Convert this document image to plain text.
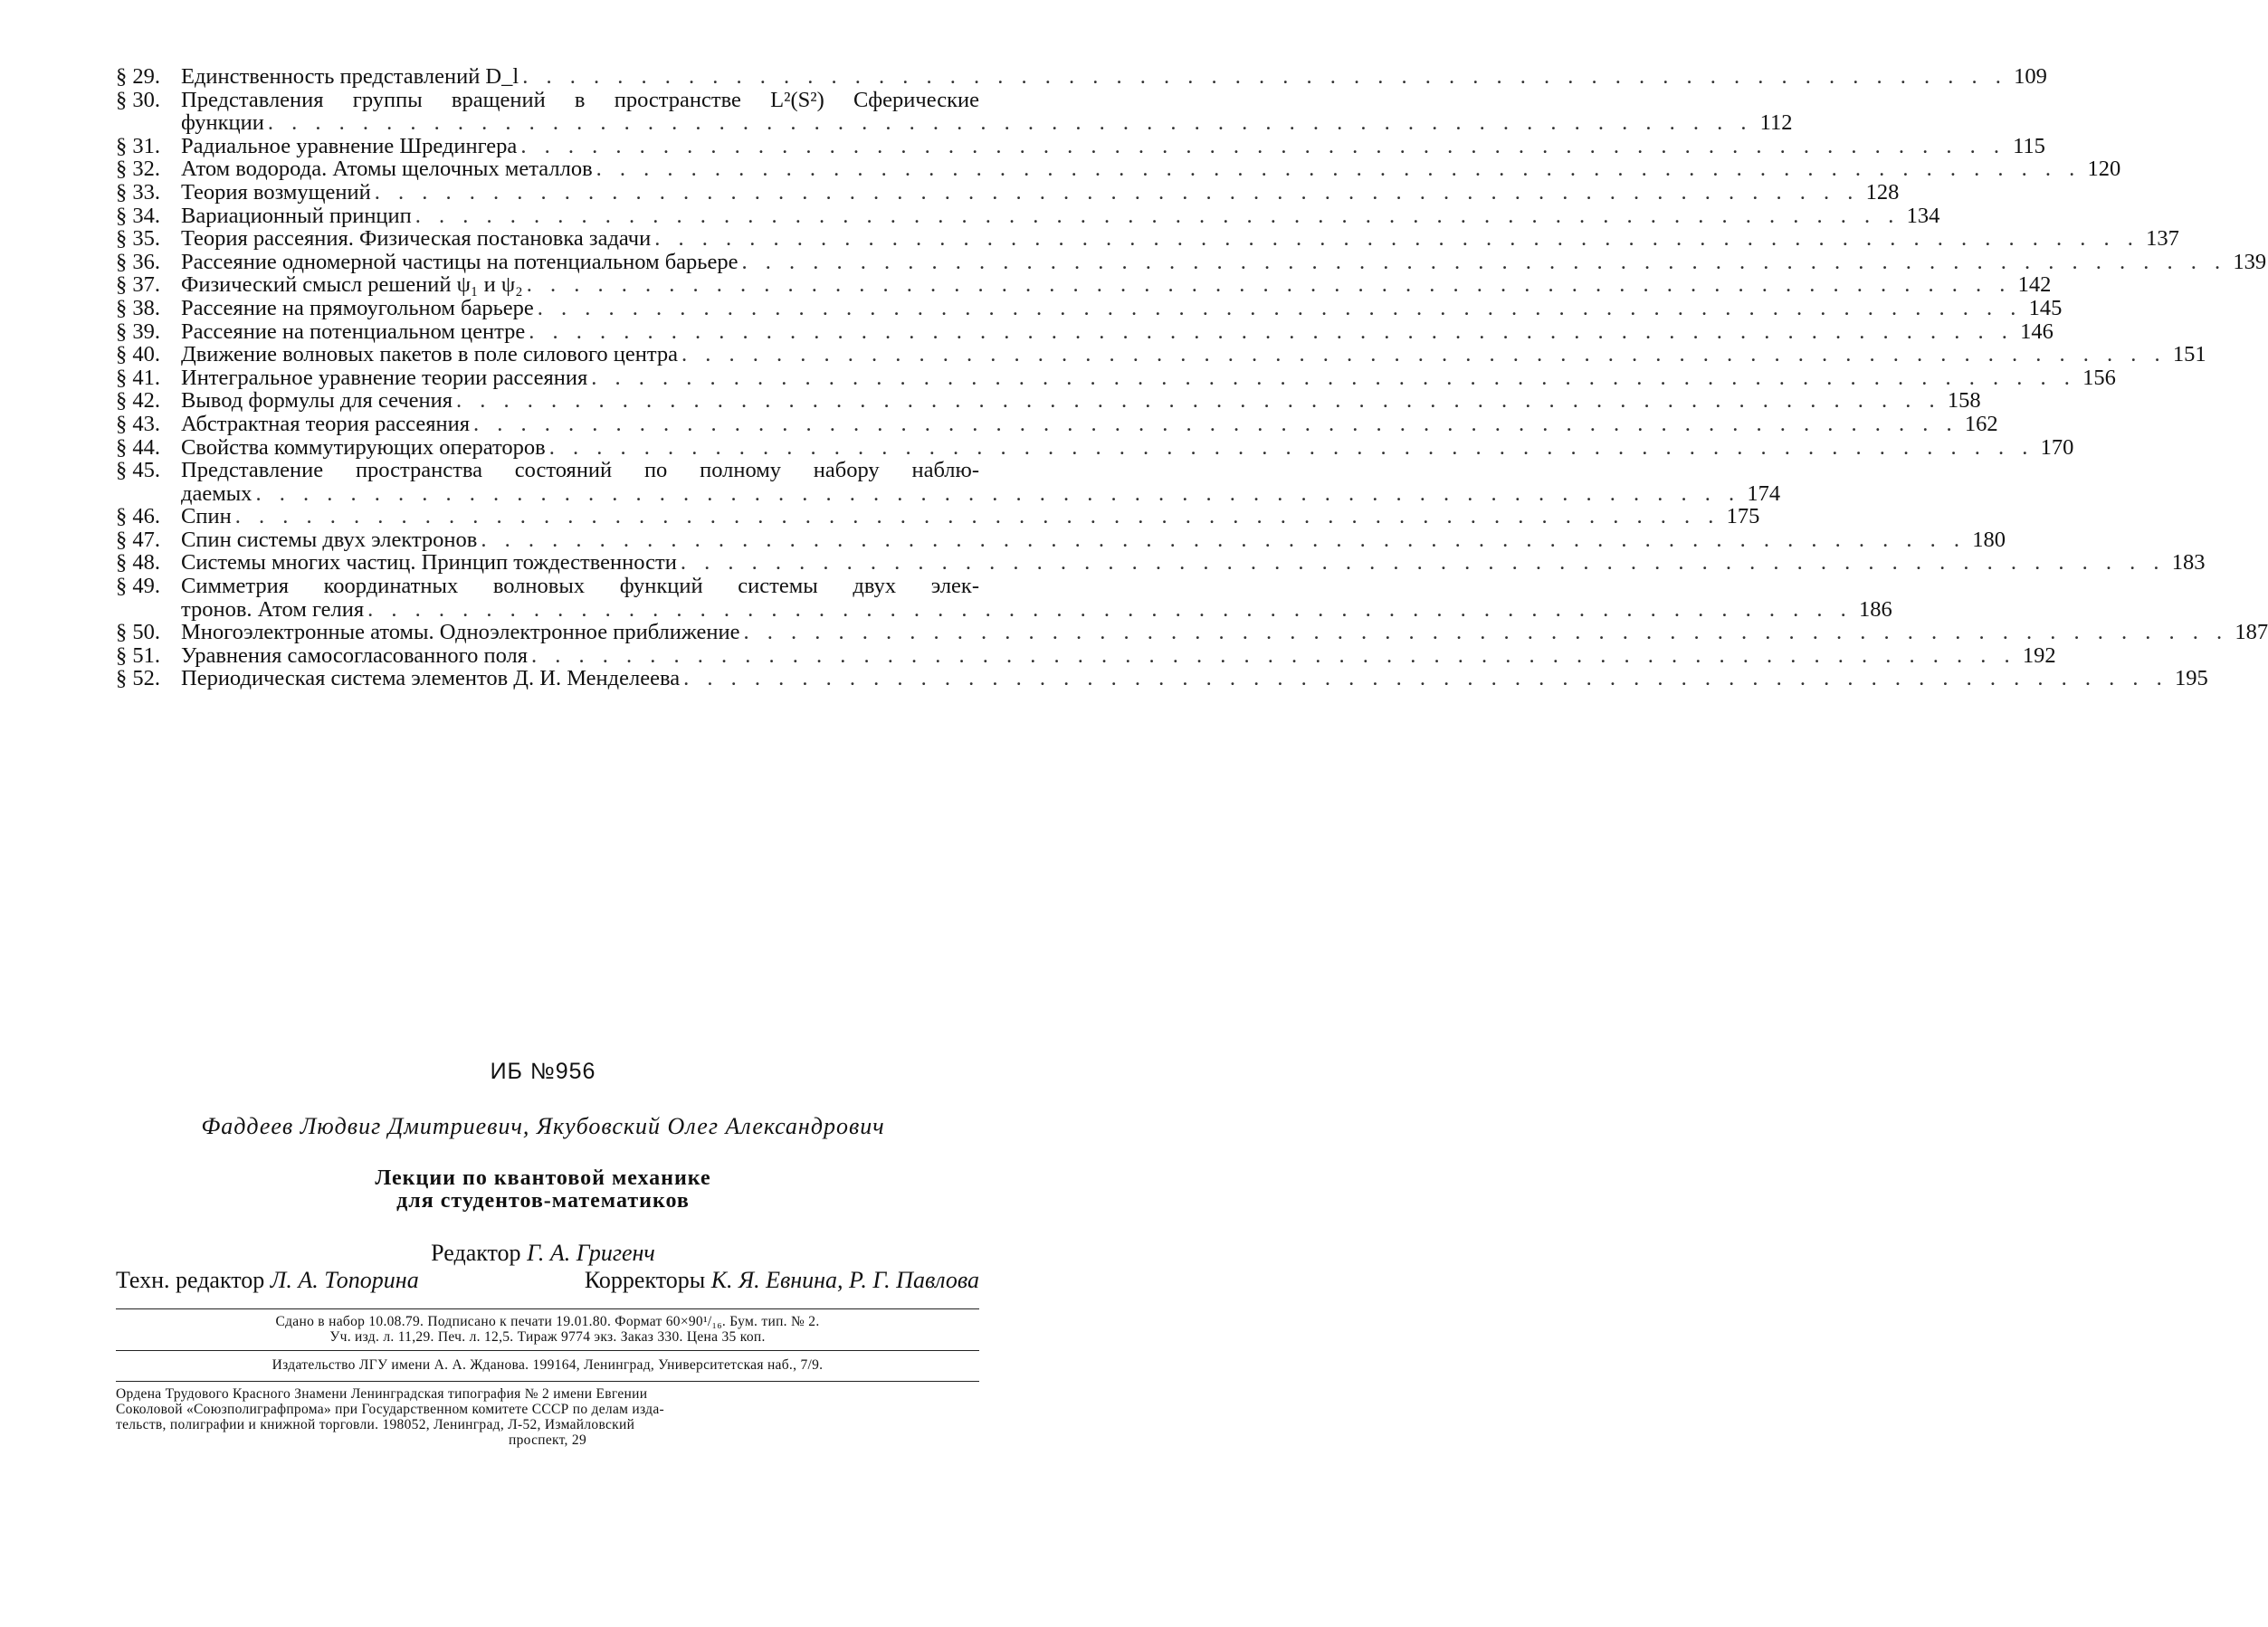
§ 29. Единственность представлений D_l . . .	109
§ 30. Представления группы вращений в пространстве L²(S²) Сферические
функции . . .	112
§ 31. Радиальное уравнение Шредингера . . .	115
§ 32. Атом водорода. Атомы щелочных металлов . . .	120
§ 33. Теория возмущений . . .	128
§ 34. Вариационный принцип . . .	134
§ 35. Теория рассеяния. Физическая постановка задачи . . .	137
§ 36. Рассеяние одномерной частицы на потенциальном барьере . . .	139
§ 37. Физический смысл решений ψ₁ и ψ₂ . . .	142
§ 38. Рассеяние на прямоугольном барьере . . .	145
§ 39. Рассеяние на потенциальном центре . . .	146
§ 40. Движение волновых пакетов в поле силового центра . . .	151
§ 41. Интегральное уравнение теории рассеяния . . .	156
§ 42. Вывод формулы для сечения . . .	158
§ 43. Абстрактная теория рассеяния . . .	162
§ 44. Свойства коммутирующих операторов . . .	170
§ 45. Представление пространства состояний по полному набору наблю-
даемых . . .	174
§ 46. Спин . . .	175
§ 47. Спин системы двух электронов . . .	180
§ 48. Системы многих частиц. Принцип тождественности . . .	183
§ 49. Симметрия координатных волновых функций системы двух элек-
тронов. Атом гелия . . .	186
§ 50. Многоэлектронные атомы. Одноэлектронное приближение . . .	187
§ 51. Уравнения самосогласованного поля . . .	192
§ 52. Периодическая система элементов Д. И. Менделеева . . .	195
ИБ №956
Фаддеев Людвиг Дмитриевич, Якубовский Олег Александрович
Лекции по квантовой механике
для студентов-математиков
Редактор Г. А. Григенч
Техн. редактор Л. А. Топорина	Корректоры К. Я. Евнина, Р. Г. Павлова
Сдано в набор 10.08.79. Подписано к печати 19.01.80. Формат 60×90¹/₁₆. Бум. тип. № 2.
Уч. изд. л. 11,29. Печ. л. 12,5. Тираж 9774 экз. Заказ 330. Цена 35 коп.
Издательство ЛГУ имени А. А. Жданова. 199164, Ленинград, Университетская наб., 7/9.
Ордена Трудового Красного Знамени Ленинградская типография № 2 имени Евгении
Соколовой «Союзполиграфпрома» при Государственном комитете СССР по делам изда-
тельств, полиграфии и книжной торговли. 198052, Ленинград, Л-52, Измайловский
проспект, 29
